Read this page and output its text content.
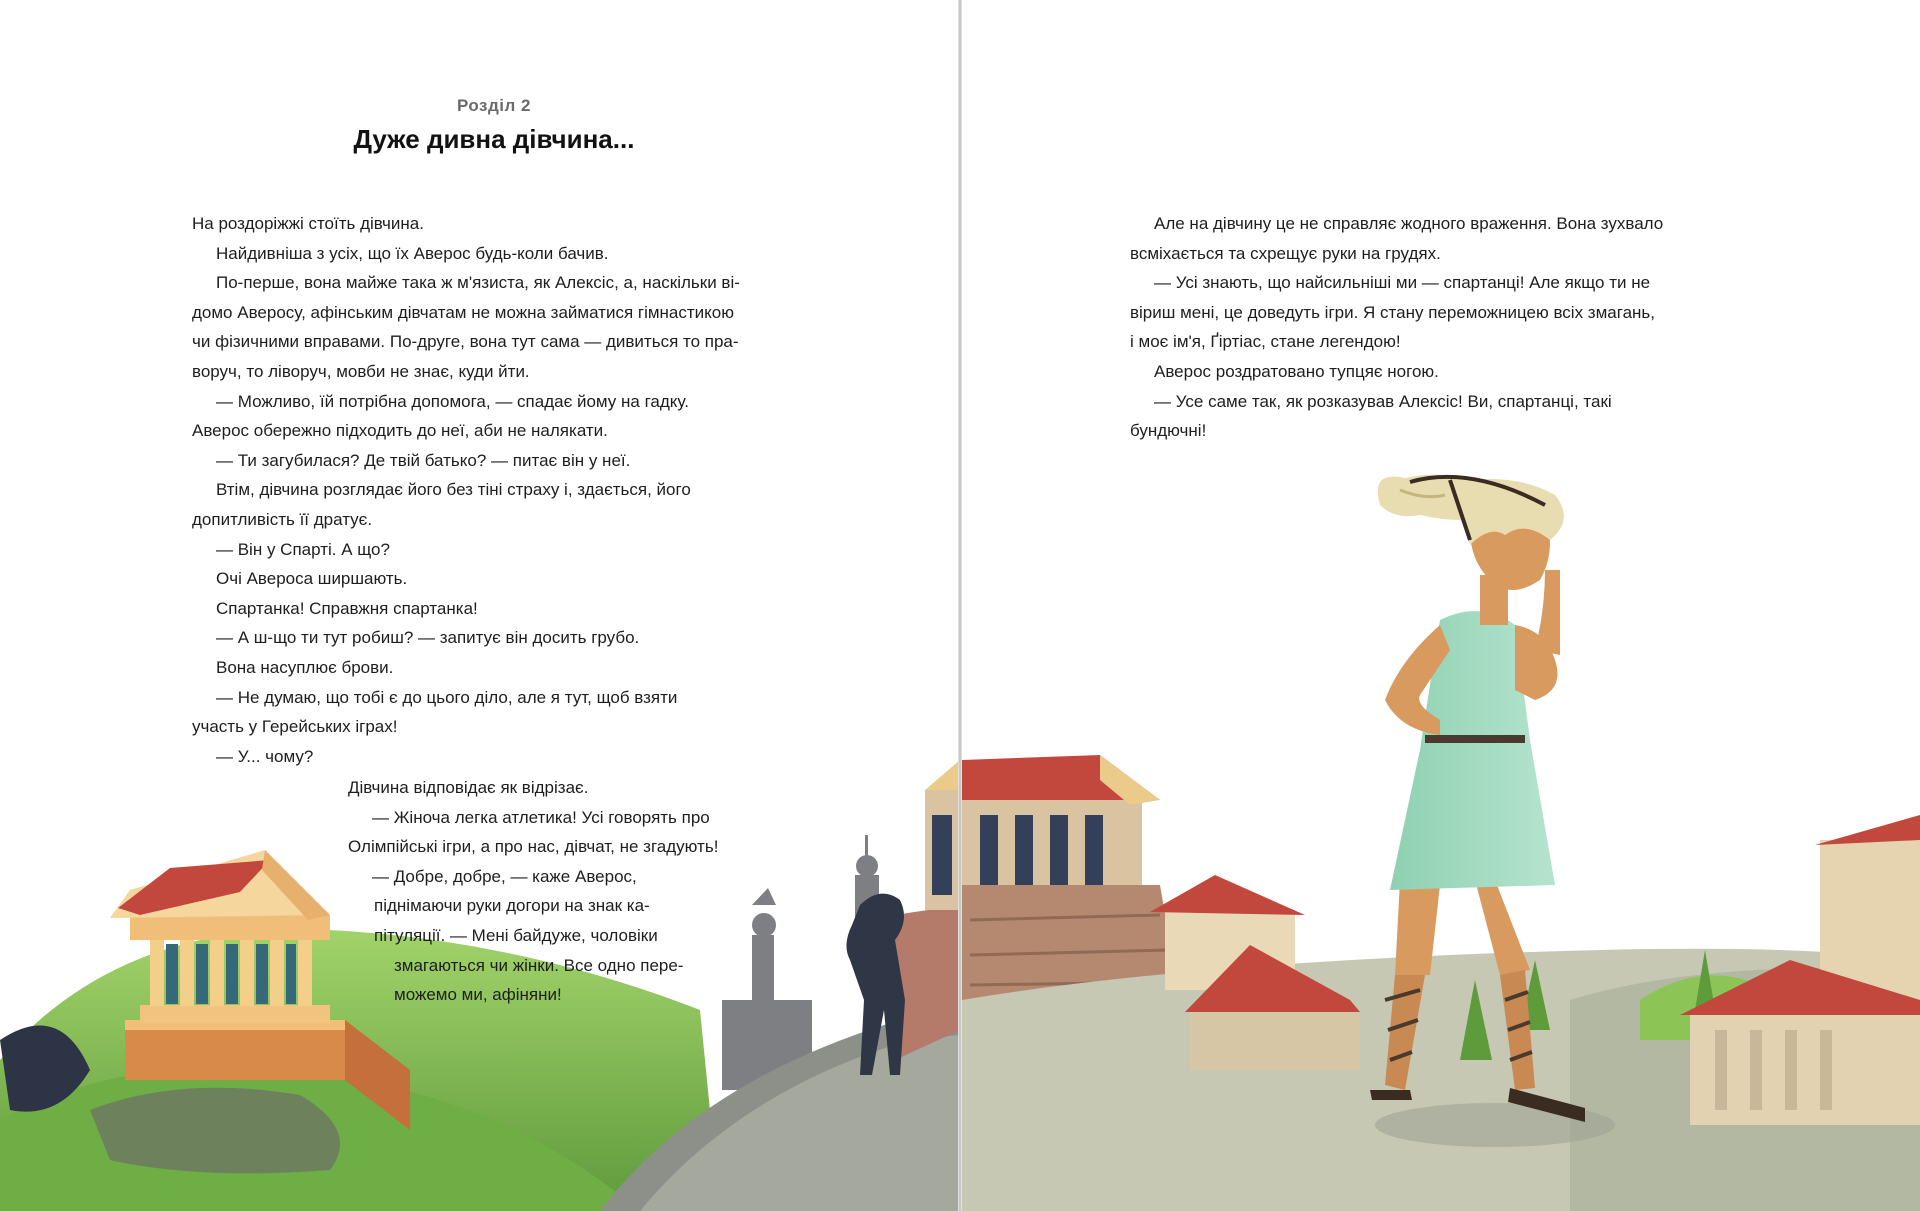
Розділ 2
Дуже дивна дівчина...

На роздоріжжі стоїть дівчина.

Найдивніша з усіх, що їх Аверос будь-коли бачив.

По-перше, вона майже така ж м'язиста, як Алексіс, а, наскільки ві-

домо Аверосу, афінським дівчатам не можна займатися гімнастикою

чи фізичними вправами. По-друге, вона тут сама — дивиться то пра-

воруч, то ліворуч, мовби не знає, куди йти.

— Можливо, їй потрібна допомога, — спадає йому на гадку.

Аверос обережно підходить до неї, аби не налякати.

— Ти загубилася? Де твій батько? — питає він у неї.

Втім, дівчина розглядає його без тіні страху і, здається, його

допитливість її дратує.

— Він у Спарті. А що?

Очі Авероса ширшають.

Спартанка! Справжня спартанка!

— А ш-що ти тут робиш? — запитує він досить грубо.

Вона насуплює брови.

— Не думаю, що тобі є до цього діло, але я тут, щоб взяти

участь у Герейських іграх!

— У... чому?

Дівчина відповідає як відрізає.

— Жіноча легка атлетика! Усі говорять про

Олімпійські ігри, а про нас, дівчат, не згадують!

— Добре, добре, — каже Аверос,

піднімаючи руки догори на знак ка-

пітуляції. — Мені байдуже, чоловіки

змагаються чи жінки. Все одно пере-

можемо ми, афіняни!

Але на дівчину це не справляє жодного враження. Вона зухвало

всміхається та схрещує руки на грудях.

— Усі знають, що найсильніші ми — спартанці! Але якщо ти не

віриш мені, це доведуть ігри. Я стану переможницею всіх змагань,

і моє ім'я, Ґіртіас, стане легендою!

Аверос роздратовано тупцяє ногою.

— Усе саме так, як розказував Алексіс! Ви, спартанці, такі

бундючні!
